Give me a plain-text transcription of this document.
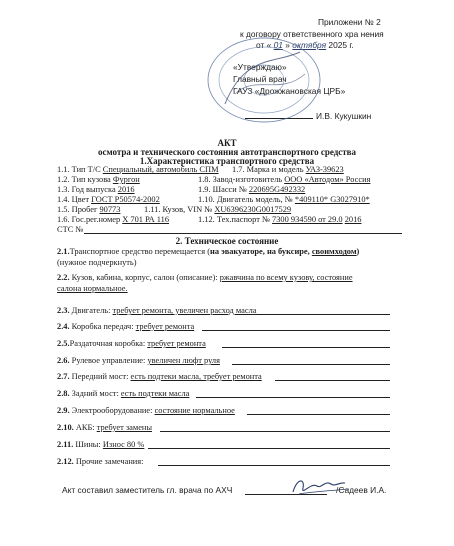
Приложени № 2
к договору ответственного хра нения
от « 01 » октября 2025 г.
«Утверждаю»
Главный врач
ГАУЗ «Дрожжановская ЦРБ»
И.В. Кукушкин
АКТ
осмотра и технического состояния автотранспортного средства
1.Характеристика транспортного средства
1.1. Тип Т/С Специальный, автомобиль СПМ 1.7. Марка и модель УАЗ-39623
1.2. Тип кузова Фургон	1.8. Завод-изготовитель ООО «Автодом» Россия
1.3. Год выпуска 2016	1.9. Шасси № 220695G492332
1.4. Цвет ГОСТ Р50574-2002	1.10. Двигатель модель, № *409110* G3027910*
1.5. Пробег 90773	1.11. Кузов, VIN № XU6396230G0017529
1.6. Гос.рег.номер Х 701 РА 116	1.12. Тех.паспорт № 7300 934590 от 29.0 2016
СТС №
2. Техническое состояние
2.1.Транспортное средство перемещается (на эвакуаторе, на буксире, своимходом)
(нужное подчеркнуть)
2.2. Кузов, кабина, корпус, салон (описание): ржавчина по всему кузову, состояние
салона нормальное.
2.3. Двигатель: требует ремонта, увеличен расход масла
2.4. Коробка передач: требует ремонта
2.5.Раздаточная коробка: требует ремонта
2.6. Рулевое управление: увеличен люфт руля
2.7. Передний мост: есть подтеки масла, требует ремонта
2.8. Задний мост: есть подтеки масла
2.9. Электрооборудование: состояние нормальное
2.10. АКБ: требует замены
2.11. Шины: Износ 80 %
2.12. Прочие замечания:
Акт составил заместитель гл. врача по АХЧ	/Садеев И.А.
